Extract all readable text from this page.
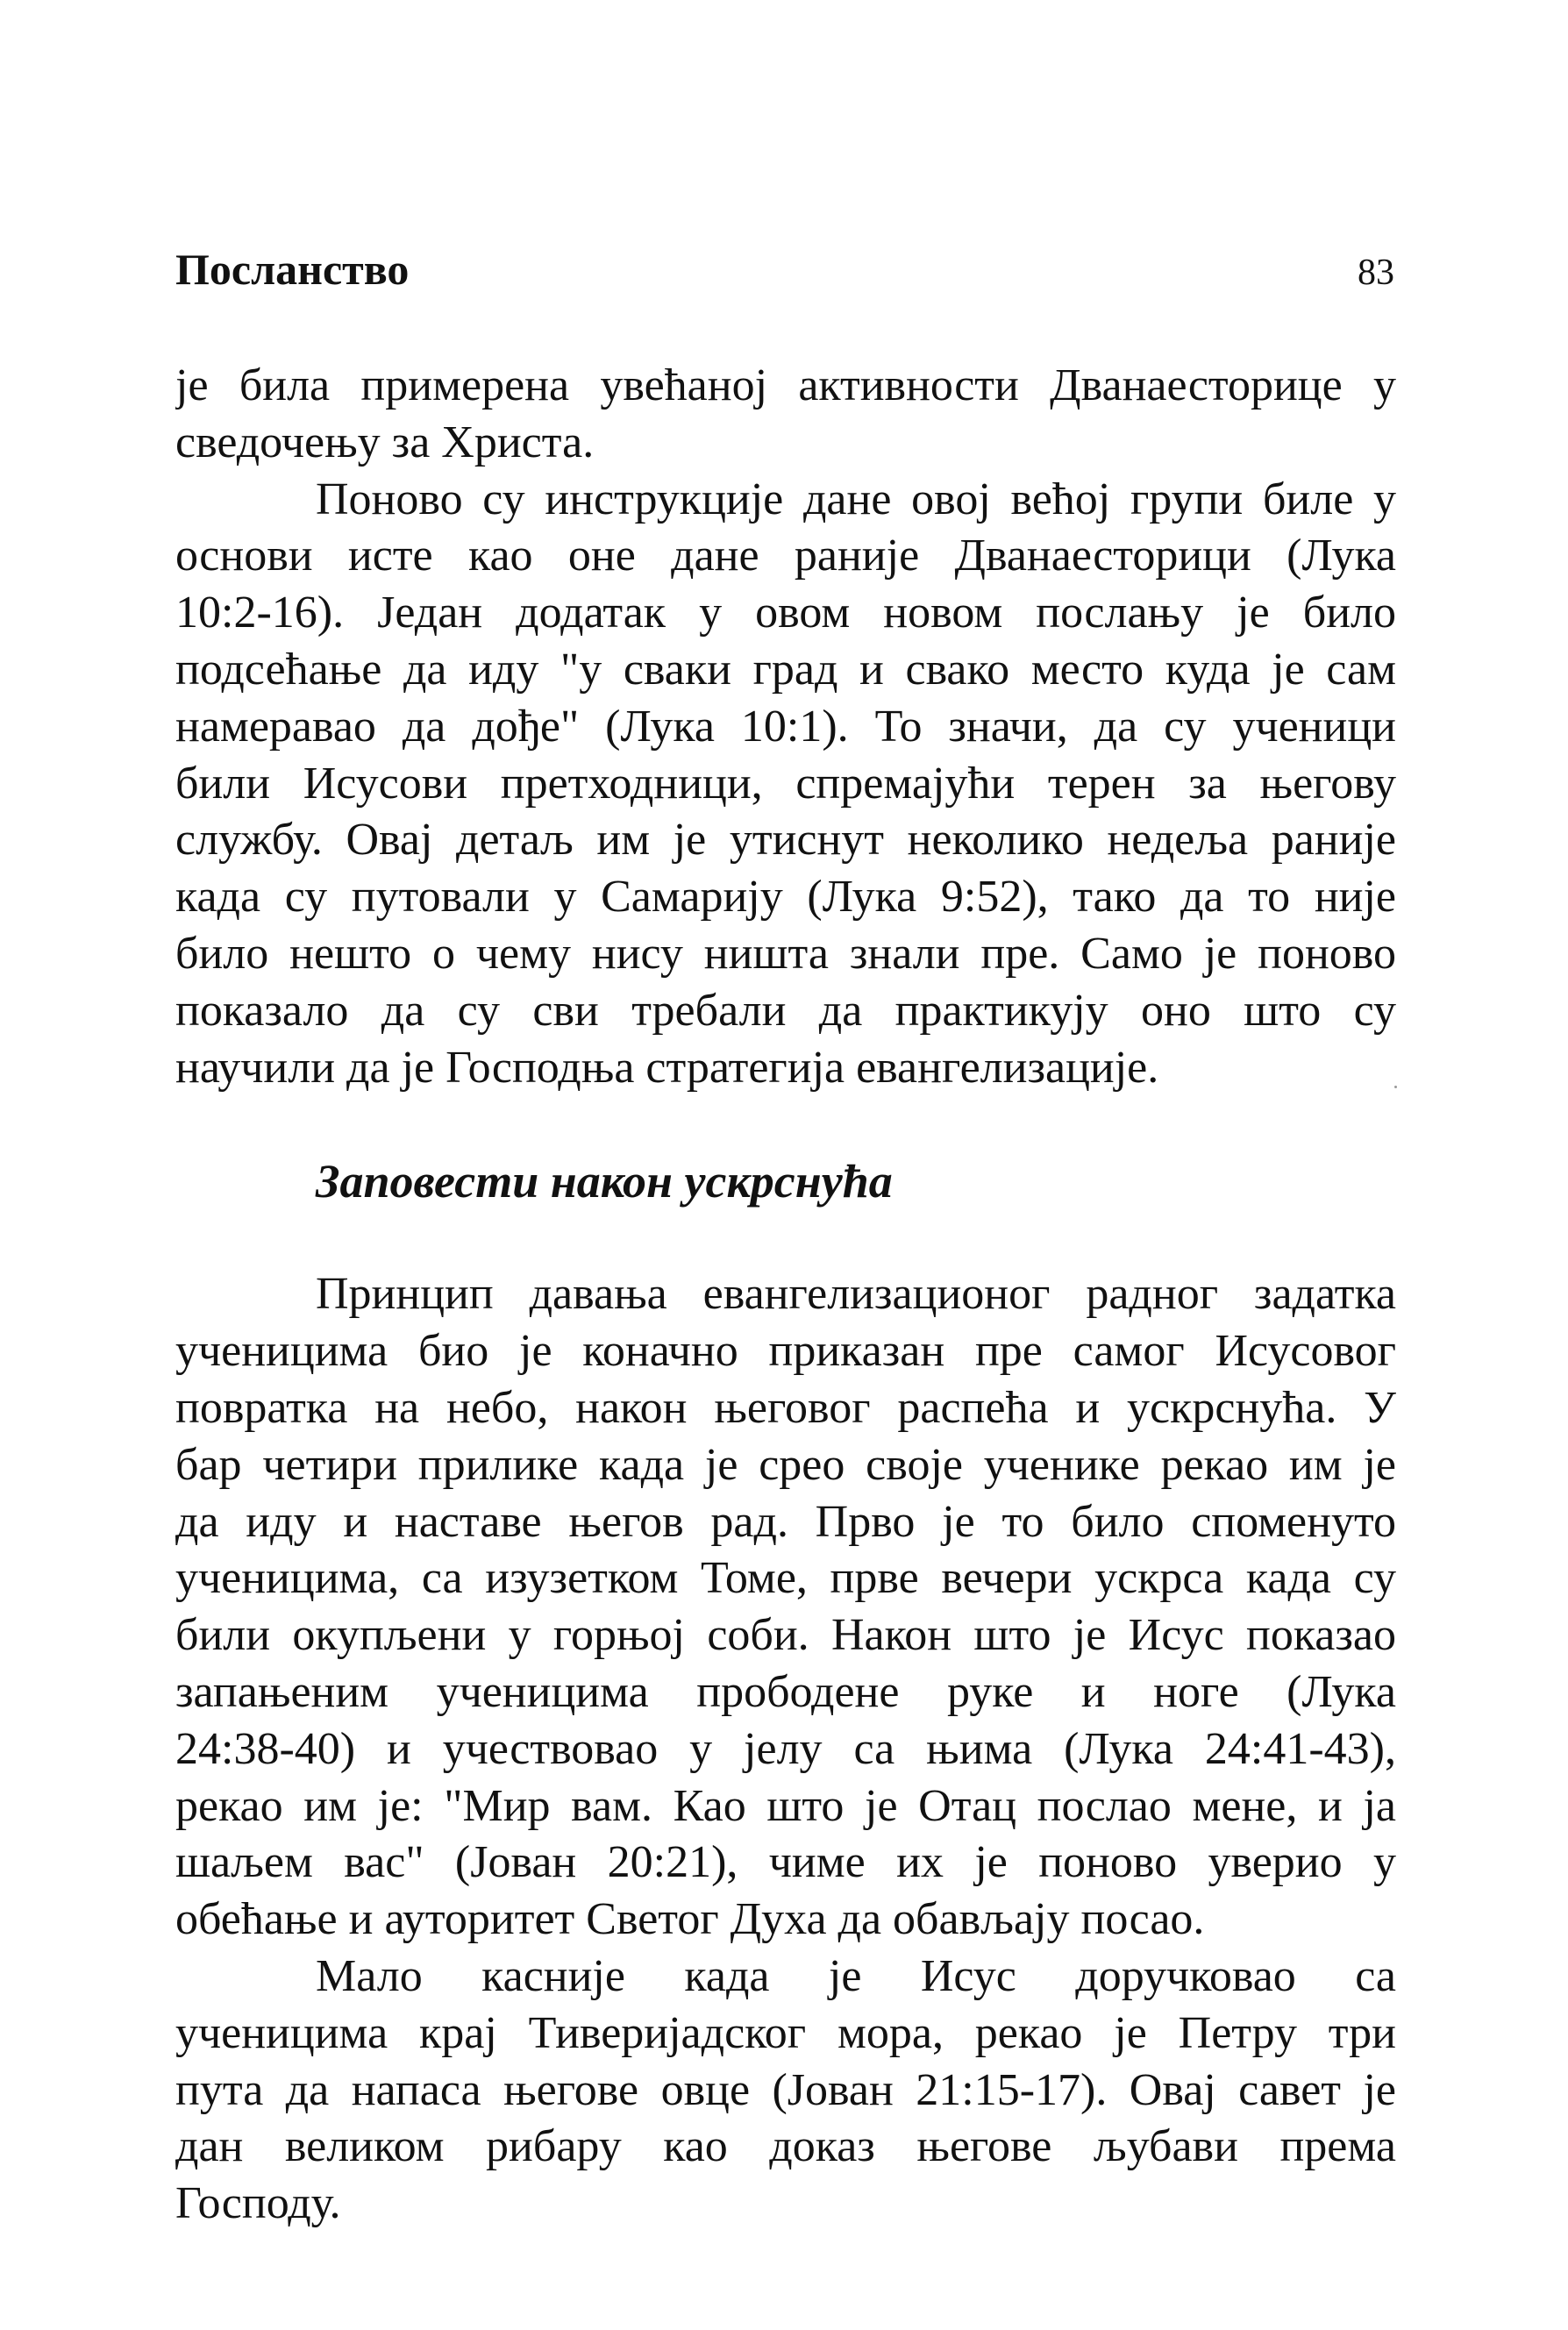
Посланство	83
је била примерена увећаној активности Дванаесторице у
сведочењу за Христа.
Поново су инструкције дане овој већој групи биле у
основи исте као оне дане раније Дванаесторици (Лука
10:2-16). Један додатак у овом новом послању је било
подсећање да иду "у сваки град и свако место куда је сам
намеравао да дође" (Лука 10:1). То значи, да су ученици
били Исусови претходници, спремајући терен за његову
службу. Овај детаљ им је утиснут неколико недеља раније
када су путовали у Самарију (Лука 9:52), тако да то није
било нешто о чему нису ништа знали пре. Само је поново
показало да су сви требали да практикују оно што су
научили да је Господња стратегија евангелизације.
Заповести након ускрснућа
Принцип давања евангелизационог радног задатка
ученицима био је коначно приказан пре самог Исусовог
повратка на небо, након његовог распећа и ускрснућа. У
бар четири прилике када је срео своје ученике рекао им је
да иду и наставе његов рад. Прво је то било споменуто
ученицима, са изузетком Томе, прве вечери ускрса када су
били окупљени у горњој соби. Након што је Исус показао
запањеним ученицима прободене руке и ноге (Лука
24:38-40) и учествовао у јелу са њима (Лука 24:41-43),
рекао им је: "Мир вам. Као што је Отац послао мене, и ја
шаљем вас" (Јован 20:21), чиме их је поново уверио у
обећање и ауторитет Светог Духа да обављају посао.
Мало касније када је Исус доручковао са
ученицима крај Тиверијадског мора, рекао је Петру три
пута да напаса његове овце (Јован 21:15-17). Овај савет је
дан великом рибару као доказ његове љубави према
Господу.
